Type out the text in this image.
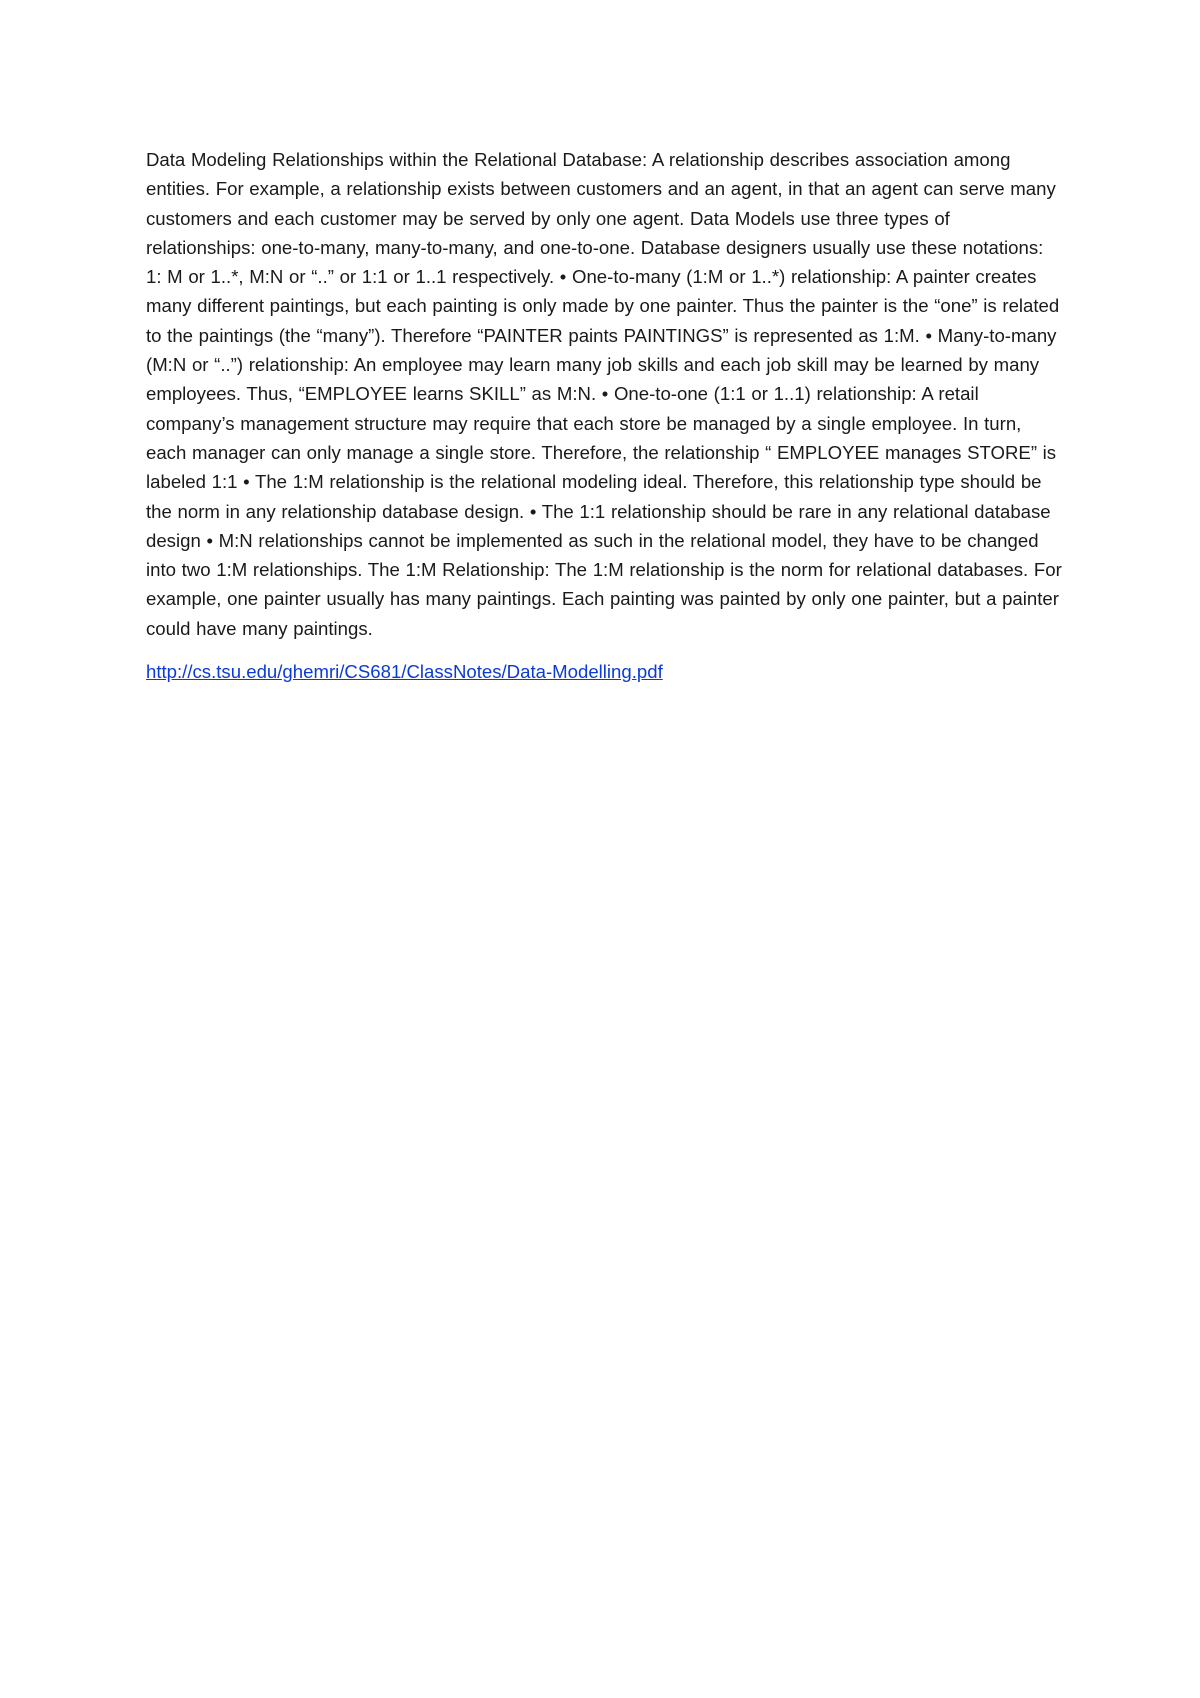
Data Modeling Relationships within the Relational Database: A relationship describes association among entities. For example, a relationship exists between customers and an agent, in that an agent can serve many customers and each customer may be served by only one agent. Data Models use three types of relationships: one-to-many, many-to-many, and one-to-one. Database designers usually use these notations: 1: M or 1..*, M:N or “..” or 1:1 or 1..1 respectively. • One-to-many (1:M or 1..*) relationship: A painter creates many different paintings, but each painting is only made by one painter. Thus the painter is the “one” is related to the paintings (the “many”). Therefore “PAINTER paints PAINTINGS” is represented as 1:M. • Many-to-many (M:N or “..”) relationship: An employee may learn many job skills and each job skill may be learned by many employees. Thus, “EMPLOYEE learns SKILL” as M:N. • One-to-one (1:1 or 1..1) relationship: A retail company’s management structure may require that each store be managed by a single employee. In turn, each manager can only manage a single store. Therefore, the relationship “ EMPLOYEE manages STORE” is labeled 1:1 • The 1:M relationship is the relational modeling ideal. Therefore, this relationship type should be the norm in any relationship database design. • The 1:1 relationship should be rare in any relational database design • M:N relationships cannot be implemented as such in the relational model, they have to be changed into two 1:M relationships. The 1:M Relationship: The 1:M relationship is the norm for relational databases. For example, one painter usually has many paintings. Each painting was painted by only one painter, but a painter could have many paintings.

http://cs.tsu.edu/ghemri/CS681/ClassNotes/Data-Modelling.pdf
